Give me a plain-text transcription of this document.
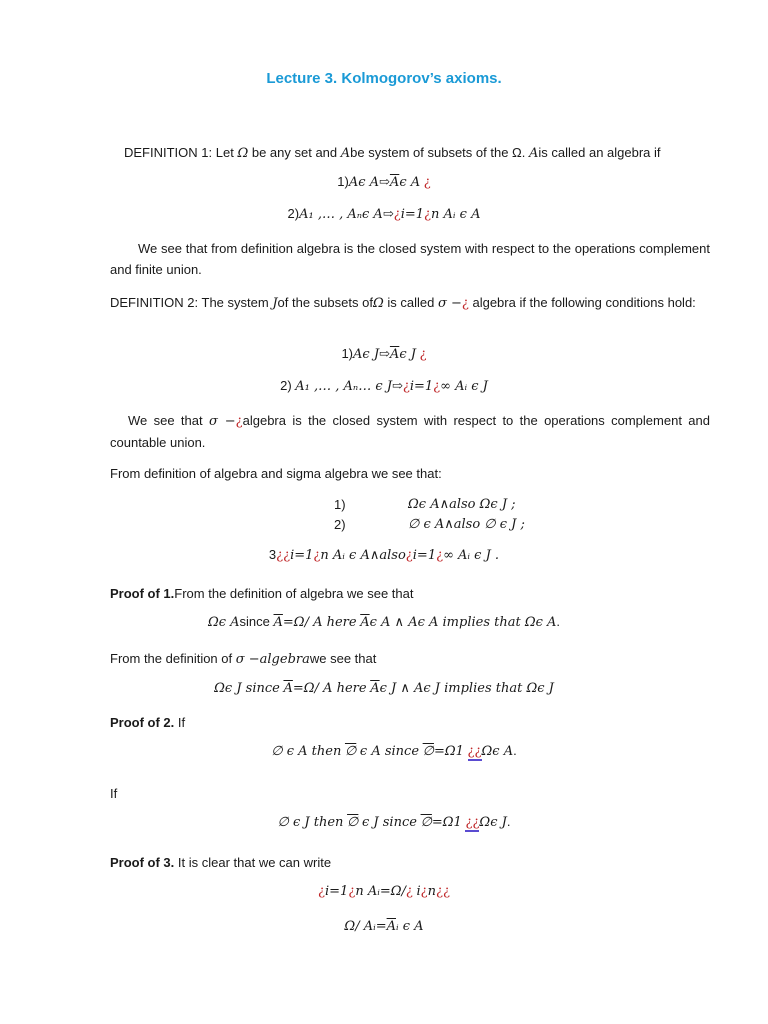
Lecture 3. Kolmogorov’s axioms.
DEFINITION 1: Let Ω be any set and Abe system of subsets of the Ω. Ais called an algebra if
1)Aϵ $A⇨\overline{A}\epsilon$ A ¿
2)A₁ ,… , Aₙϵ A⇨¿i=1¿n Aᵢ ϵ A
We see that from definition algebra is the closed system with respect to the operations complement and finite union.
DEFINITION 2: The system Jof the subsets ofΩ is called σ −¿ algebra if the following conditions hold:
1)Aϵ $J⇨\overline{A}\epsilon$ J ¿
2) A₁ ,… , Aₙ… ϵ J⇨¿i=1¿∞ Aᵢ ϵ J
We see that σ −¿algebra is the closed system with respect to the operations complement and countable union.
From definition of algebra and sigma algebra we see that:
1)	Ωϵ A∧also Ωϵ J ;
2)	∅ ϵ A∧also ∅ ϵ J ;
3¿¿i=1¿n Aᵢ ϵ A∧also¿i=1¿∞ Aᵢ ϵ J .
Proof of 1.From the definition of algebra we see that
Ωϵ Asince $\overline{A}=\Omega/$ A here $\overline{A}\epsilon$ A ∧ Aϵ A implies that Ωϵ A.
From the definition of σ −algebrawe see that
Ωϵ J since $\overline{A}=\Omega/$ A here $\overline{A}\epsilon$ J ∧ Aϵ J implies that Ωϵ J
Proof of 2. If
∅ ϵ A then ∅ ϵ A since ∅=Ω1 ¿¿Ωϵ A.
If
∅ ϵ J then ∅ ϵ J since ∅=Ω1 ¿¿Ωϵ J.
Proof of 3. It is clear that we can write
¿i=1¿n Aᵢ=Ω/¿ i¿n¿¿
Ω/ $Aᵢ=\overline{A}ᵢ$ ϵ A
